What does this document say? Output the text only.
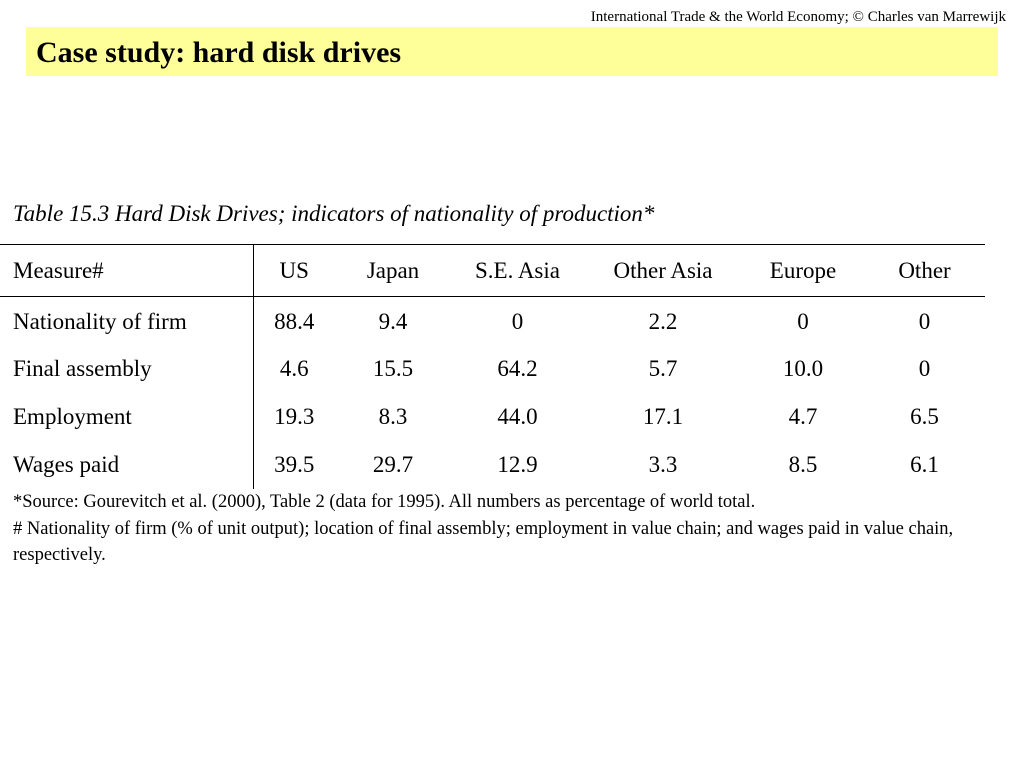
International Trade & the World Economy; © Charles van Marrewijk
Case study: hard disk drives
Table 15.3 Hard Disk Drives; indicators of nationality of production*
Measure#	US	Japan	S.E. Asia	Other Asia	Europe	Other
Nationality of firm	88.4	9.4	0	2.2	0	0
Final assembly	4.6	15.5	64.2	5.7	10.0	0
Employment	19.3	8.3	44.0	17.1	4.7	6.5
Wages paid	39.5	29.7	12.9	3.3	8.5	6.1

*Source: Gourevitch et al. (2000), Table 2 (data for 1995). All numbers as percentage of world total.

# Nationality of firm (% of unit output); location of final assembly; employment in value chain; and wages paid in value chain, respectively.
